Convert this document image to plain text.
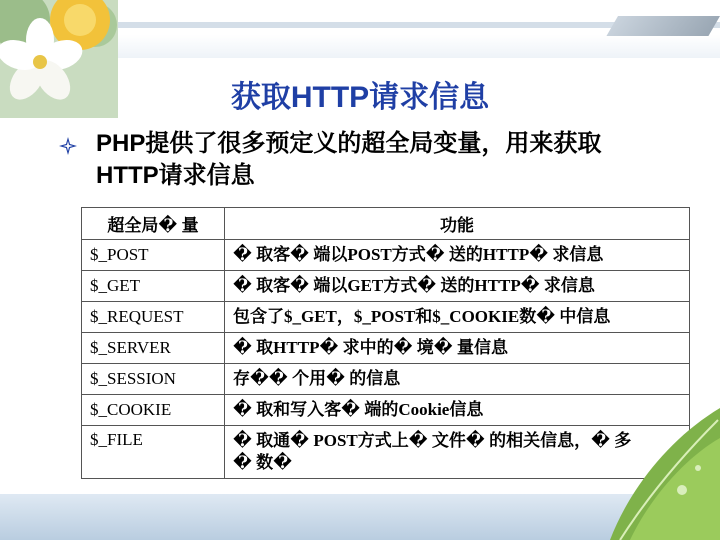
获取HTTP请求信息
PHP提供了很多预定义的超全局变量，用来获取
HTTP请求信息
超全局� 量	功能
$_POST	� 取客� 端以POST方式� 送的HTTP� 求信息
$_GET	� 取客� 端以GET方式� 送的HTTP� 求信息
$_REQUEST	包含了$_GET，$_POST和$_COOKIE数� 中信息
$_SERVER	� 取HTTP� 求中的� 境� 量信息
$_SESSION	存�� 个用� 的信息
$_COOKIE	� 取和写入客� 端的Cookie信息
$_FILE	� 取通� POST方式上� 文件� 的相关信息，� 多
� 数�
